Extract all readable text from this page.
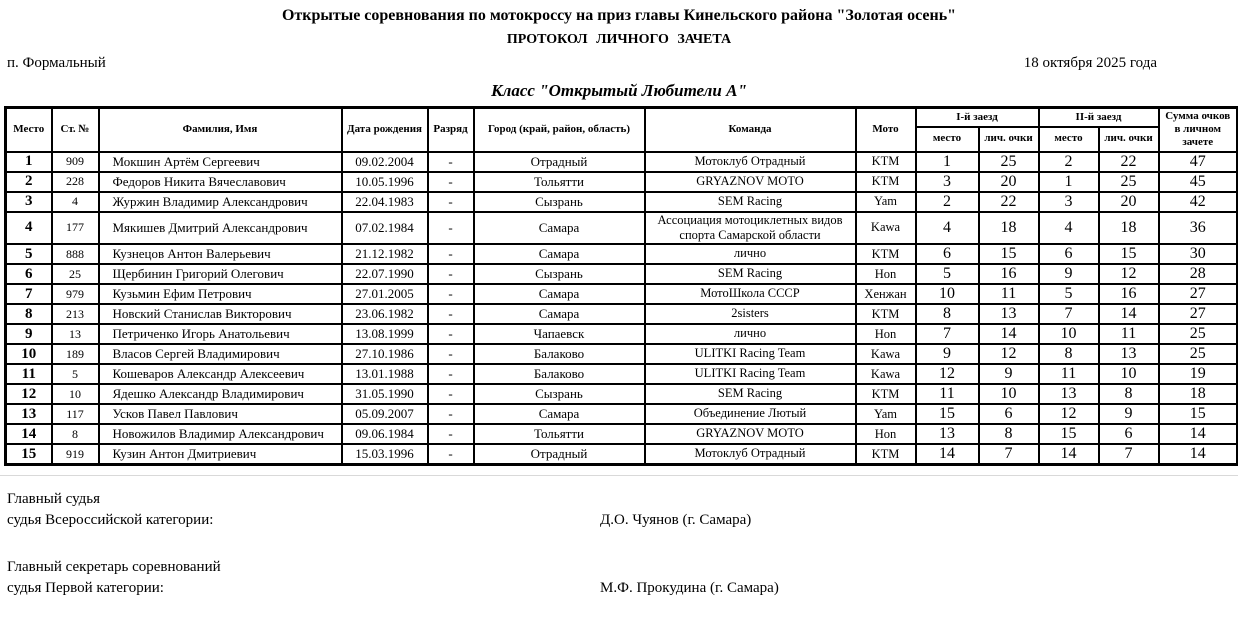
Открытые соревнования по мотокроссу на приз главы Кинельского района "Золотая осень"
ПРОТОКОЛ ЛИЧНОГО ЗАЧЕТА
п. Формальный	18 октября 2025 года
Класс "Открытый Любители А"
Место	Ст. №	Фамилия, Имя	Дата рождения	Разряд	Город (край, район, область)	Команда	Мото	I-й заезд		II-й заезд		Сумма очков в личном зачете
								место	лич. очки	место	лич. очки	
1	909	Мокшин Артём Сергеевич	09.02.2004	-	Отрадный	Мотоклуб Отрадный	KTM	1	25	2	22	47
2	228	Федоров Никита Вячеславович	10.05.1996	-	Тольятти	GRYAZNOV MOTO	KTM	3	20	1	25	45
3	4	Журжин Владимир Александрович	22.04.1983	-	Сызрань	SEM Racing	Yam	2	22	3	20	42
4	177	Мякишев Дмитрий Александрович	07.02.1984	-	Самара	Ассоциация мотоциклетных видов спорта Самарской области	Kawa	4	18	4	18	36
5	888	Кузнецов Антон Валерьевич	21.12.1982	-	Самара	лично	KTM	6	15	6	15	30
6	25	Щербинин Григорий Олегович	22.07.1990	-	Сызрань	SEM Racing	Hon	5	16	9	12	28
7	979	Кузьмин Ефим Петрович	27.01.2005	-	Самара	МотоШкола СССР	Хенжан	10	11	5	16	27
8	213	Новский Станислав Викторович	23.06.1982	-	Самара	2sisters	KTM	8	13	7	14	27
9	13	Петриченко Игорь Анатольевич	13.08.1999	-	Чапаевск	лично	Hon	7	14	10	11	25
10	189	Власов Сергей Владимирович	27.10.1986	-	Балаково	ULITKI Racing Team	Kawa	9	12	8	13	25
11	5	Кошеваров Александр Алексеевич	13.01.1988	-	Балаково	ULITKI Racing Team	Kawa	12	9	11	10	19
12	10	Ядешко Александр Владимирович	31.05.1990	-	Сызрань	SEM Racing	KTM	11	10	13	8	18
13	117	Усков Павел Павлович	05.09.2007	-	Самара	Объединение Лютый	Yam	15	6	12	9	15
14	8	Новожилов Владимир Александрович	09.06.1984	-	Тольятти	GRYAZNOV MOTO	Hon	13	8	15	6	14
15	919	Кузин Антон Дмитриевич	15.03.1996	-	Отрадный	Мотоклуб Отрадный	KTM	14	7	14	7	14
Главный судья
судья Всероссийской категории:	Д.О. Чуянов (г. Самара)
Главный секретарь соревнований
судья Первой категории:	М.Ф. Прокудина (г. Самара)
